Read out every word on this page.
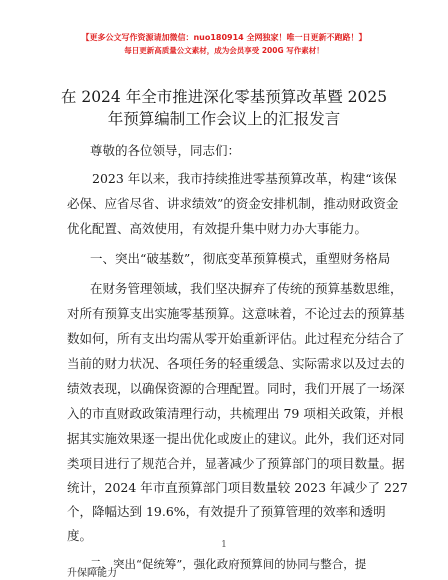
【更多公文写作资源请加微信：nuo180914 全网独家！唯一日更新不跑路！】
每日更新高质量公文素材，成为会员享受 200G 写作素材！
在 2024 年全市推进深化零基预算改革暨 2025
年预算编制工作会议上的汇报发言
尊敬的各位领导，同志们：
2023 年以来，我市持续推进零基预算改革，构建“该保
必保、应省尽省、讲求绩效”的资金安排机制，推动财政资金
优化配置、高效使用，有效提升集中财力办大事能力。
一、突出“破基数”，彻底变革预算模式，重塑财务格局
在财务管理领域，我们坚决摒弃了传统的预算基数思维，
对所有预算支出实施零基预算。这意味着，不论过去的预算基
数如何，所有支出均需从零开始重新评估。此过程充分结合了
当前的财力状况、各项任务的轻重缓急、实际需求以及过去的
绩效表现，以确保资源的合理配置。同时，我们开展了一场深
入的市直财政政策清理行动，共梳理出 79 项相关政策，并根
据其实施效果逐一提出优化或废止的建议。此外，我们还对同
类项目进行了规范合并，显著减少了预算部门的项目数量。据
统计，2024 年市直预算部门项目数量较 2023 年减少了 227
个，降幅达到 19.6%，有效提升了预算管理的效率和透明
度。
二、突出“促统筹”，强化政府预算间的协同与整合，提
升保障能力
1
